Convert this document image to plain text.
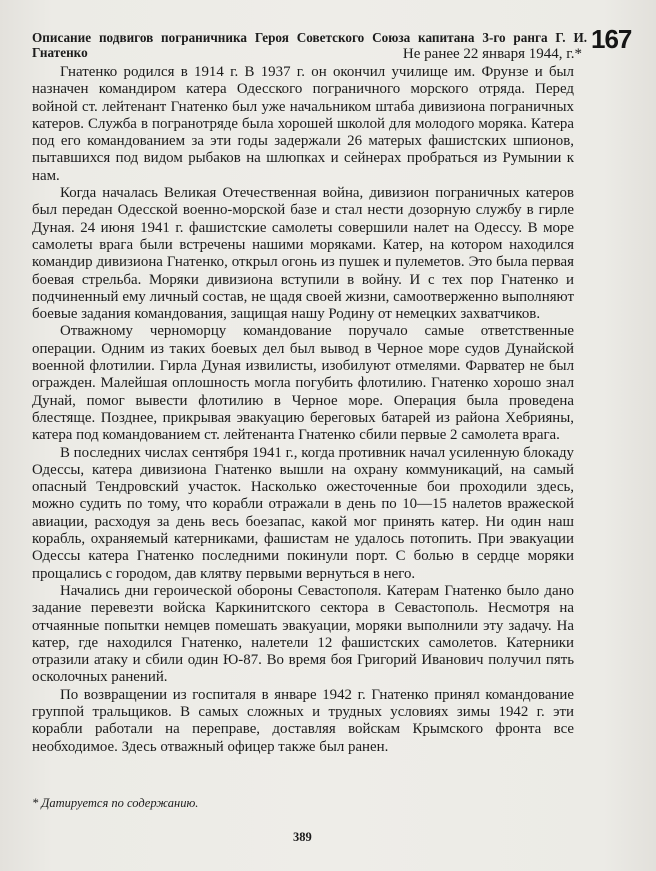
167
Описание подвигов пограничника Героя Советского Союза капитана 3-го ранга Г. И. Гнатенко	Не ранее 22 января 1944, г.*

Гнатенко родился в 1914 г. В 1937 г. он окончил училище им. Фрунзе и был назначен командиром катера Одесского пограничного морского отряда. Перед войной ст. лейтенант Гнатенко был уже начальником штаба дивизиона пограничных катеров. Служба в погранотряде была хорошей школой для молодого моряка. Катера под его командованием за эти годы задержали 26 матерых фашистских шпионов, пытавшихся под видом рыбаков на шлюпках и сейнерах пробраться из Румынии к нам.

Когда началась Великая Отечественная война, дивизион пограничных катеров был передан Одесской военно-морской базе и стал нести дозорную службу в гирле Дуная. 24 июня 1941 г. фашистские самолеты совершили налет на Одессу. В море самолеты врага были встречены нашими моряками. Катер, на котором находился командир дивизиона Гнатенко, открыл огонь из пушек и пулеметов. Это была первая боевая стрельба. Моряки дивизиона вступили в войну. И с тех пор Гнатенко и подчиненный ему личный состав, не щадя своей жизни, самоотверженно выполняют боевые задания командования, защищая нашу Родину от немецких захватчиков.

Отважному черноморцу командование поручало самые ответственные операции. Одним из таких боевых дел был вывод в Черное море судов Дунайской военной флотилии. Гирла Дуная извилисты, изобилуют отмелями. Фарватер не был огражден. Малейшая оплошность могла погубить флотилию. Гнатенко хорошо знал Дунай, помог вывести флотилию в Черное море. Операция была проведена блестяще. Позднее, прикрывая эвакуацию береговых батарей из района Хебрияны, катера под командованием ст. лейтенанта Гнатенко сбили первые 2 самолета врага.

В последних числах сентября 1941 г., когда противник начал усиленную блокаду Одессы, катера дивизиона Гнатенко вышли на охрану коммуникаций, на самый опасный Тендровский участок. Насколько ожесточенные бои проходили здесь, можно судить по тому, что корабли отражали в день по 10—15 налетов вражеской авиации, расходуя за день весь боезапас, какой мог принять катер. Ни один наш корабль, охраняемый катерниками, фашистам не удалось потопить. При эвакуации Одессы катера Гнатенко последними покинули порт. С болью в сердце моряки прощались с городом, дав клятву первыми вернуться в него.

Начались дни героической обороны Севастополя. Катерам Гнатенко было дано задание перевезти войска Каркинитского сектора в Севастополь. Несмотря на отчаянные попытки немцев помешать эвакуации, моряки выполнили эту задачу. На катер, где находился Гнатенко, налетели 12 фашистских самолетов. Катерники отразили атаку и сбили один Ю-87. Во время боя Григорий Иванович получил пять осколочных ранений.

По возвращении из госпиталя в январе 1942 г. Гнатенко принял командование группой тральщиков. В самых сложных и трудных условиях зимы 1942 г. эти корабли работали на переправе, доставляя войскам Крымского фронта все необходимое. Здесь отважный офицер также был ранен.

* Датируется по содержанию.
389
